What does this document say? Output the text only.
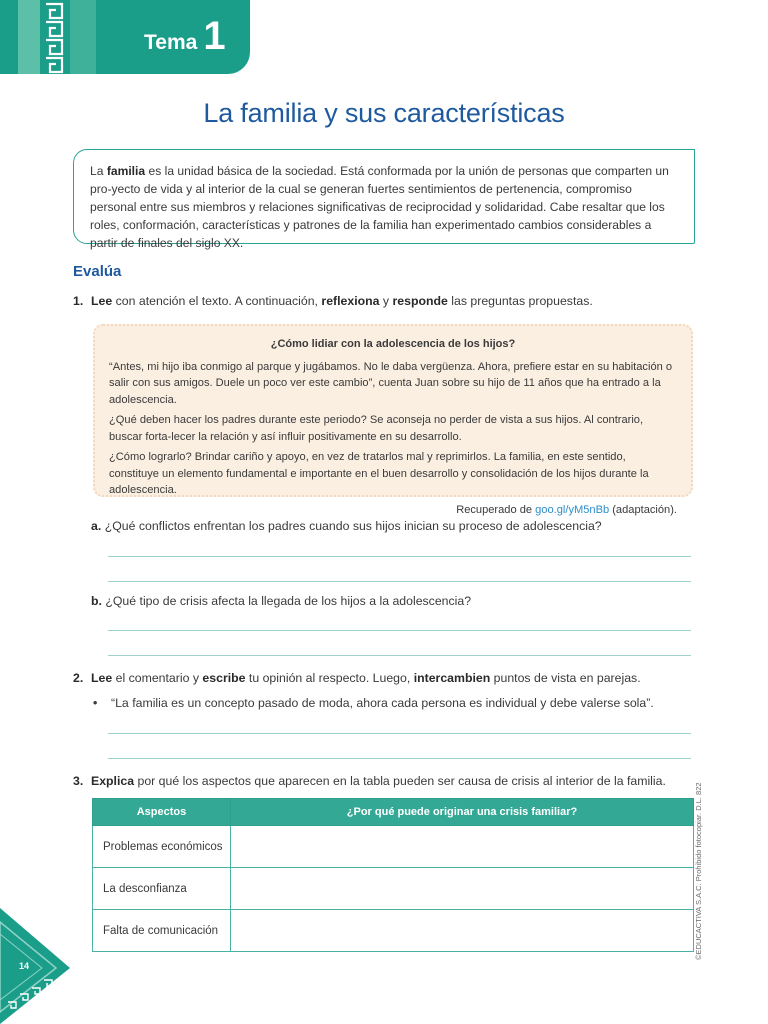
Tema 1
La familia y sus características
La familia es la unidad básica de la sociedad. Está conformada por la unión de personas que comparten un pro-yecto de vida y al interior de la cual se generan fuertes sentimientos de pertenencia, compromiso personal entre sus miembros y relaciones significativas de reciprocidad y solidaridad. Cabe resaltar que los roles, conformación, características y patrones de la familia han experimentado cambios considerables a partir de finales del siglo XX.
Evalúa
1. Lee con atención el texto. A continuación, reflexiona y responde las preguntas propuestas.
¿Cómo lidiar con la adolescencia de los hijos?

“Antes, mi hijo iba conmigo al parque y jugábamos. No le daba vergüenza. Ahora, prefiere estar en su habitación o salir con sus amigos. Duele un poco ver este cambio”, cuenta Juan sobre su hijo de 11 años que ha entrado a la adolescencia.

¿Qué deben hacer los padres durante este periodo? Se aconseja no perder de vista a sus hijos. Al contrario, buscar forta-lecer la relación y así influir positivamente en su desarrollo.

¿Cómo lograrlo? Brindar cariño y apoyo, en vez de tratarlos mal y reprimirlos. La familia, en este sentido, constituye un elemento fundamental e importante en el buen desarrollo y consolidación de los hijos durante la adolescencia.

Recuperado de goo.gl/yM5nBb (adaptación).
a. ¿Qué conflictos enfrentan los padres cuando sus hijos inician su proceso de adolescencia?
b. ¿Qué tipo de crisis afecta la llegada de los hijos a la adolescencia?
2. Lee el comentario y escribe tu opinión al respecto. Luego, intercambien puntos de vista en parejas.
• “La familia es un concepto pasado de moda, ahora cada persona es individual y debe valerse sola”.
3. Explica por qué los aspectos que aparecen en la tabla pueden ser causa de crisis al interior de la familia.
Aspectos	¿Por qué puede originar una crisis familiar?
Problemas económicos	
La desconfianza	
Falta de comunicación		©EDUCACTIVA S.A.C. Prohibido fotocopiar. D.L. 822
14
